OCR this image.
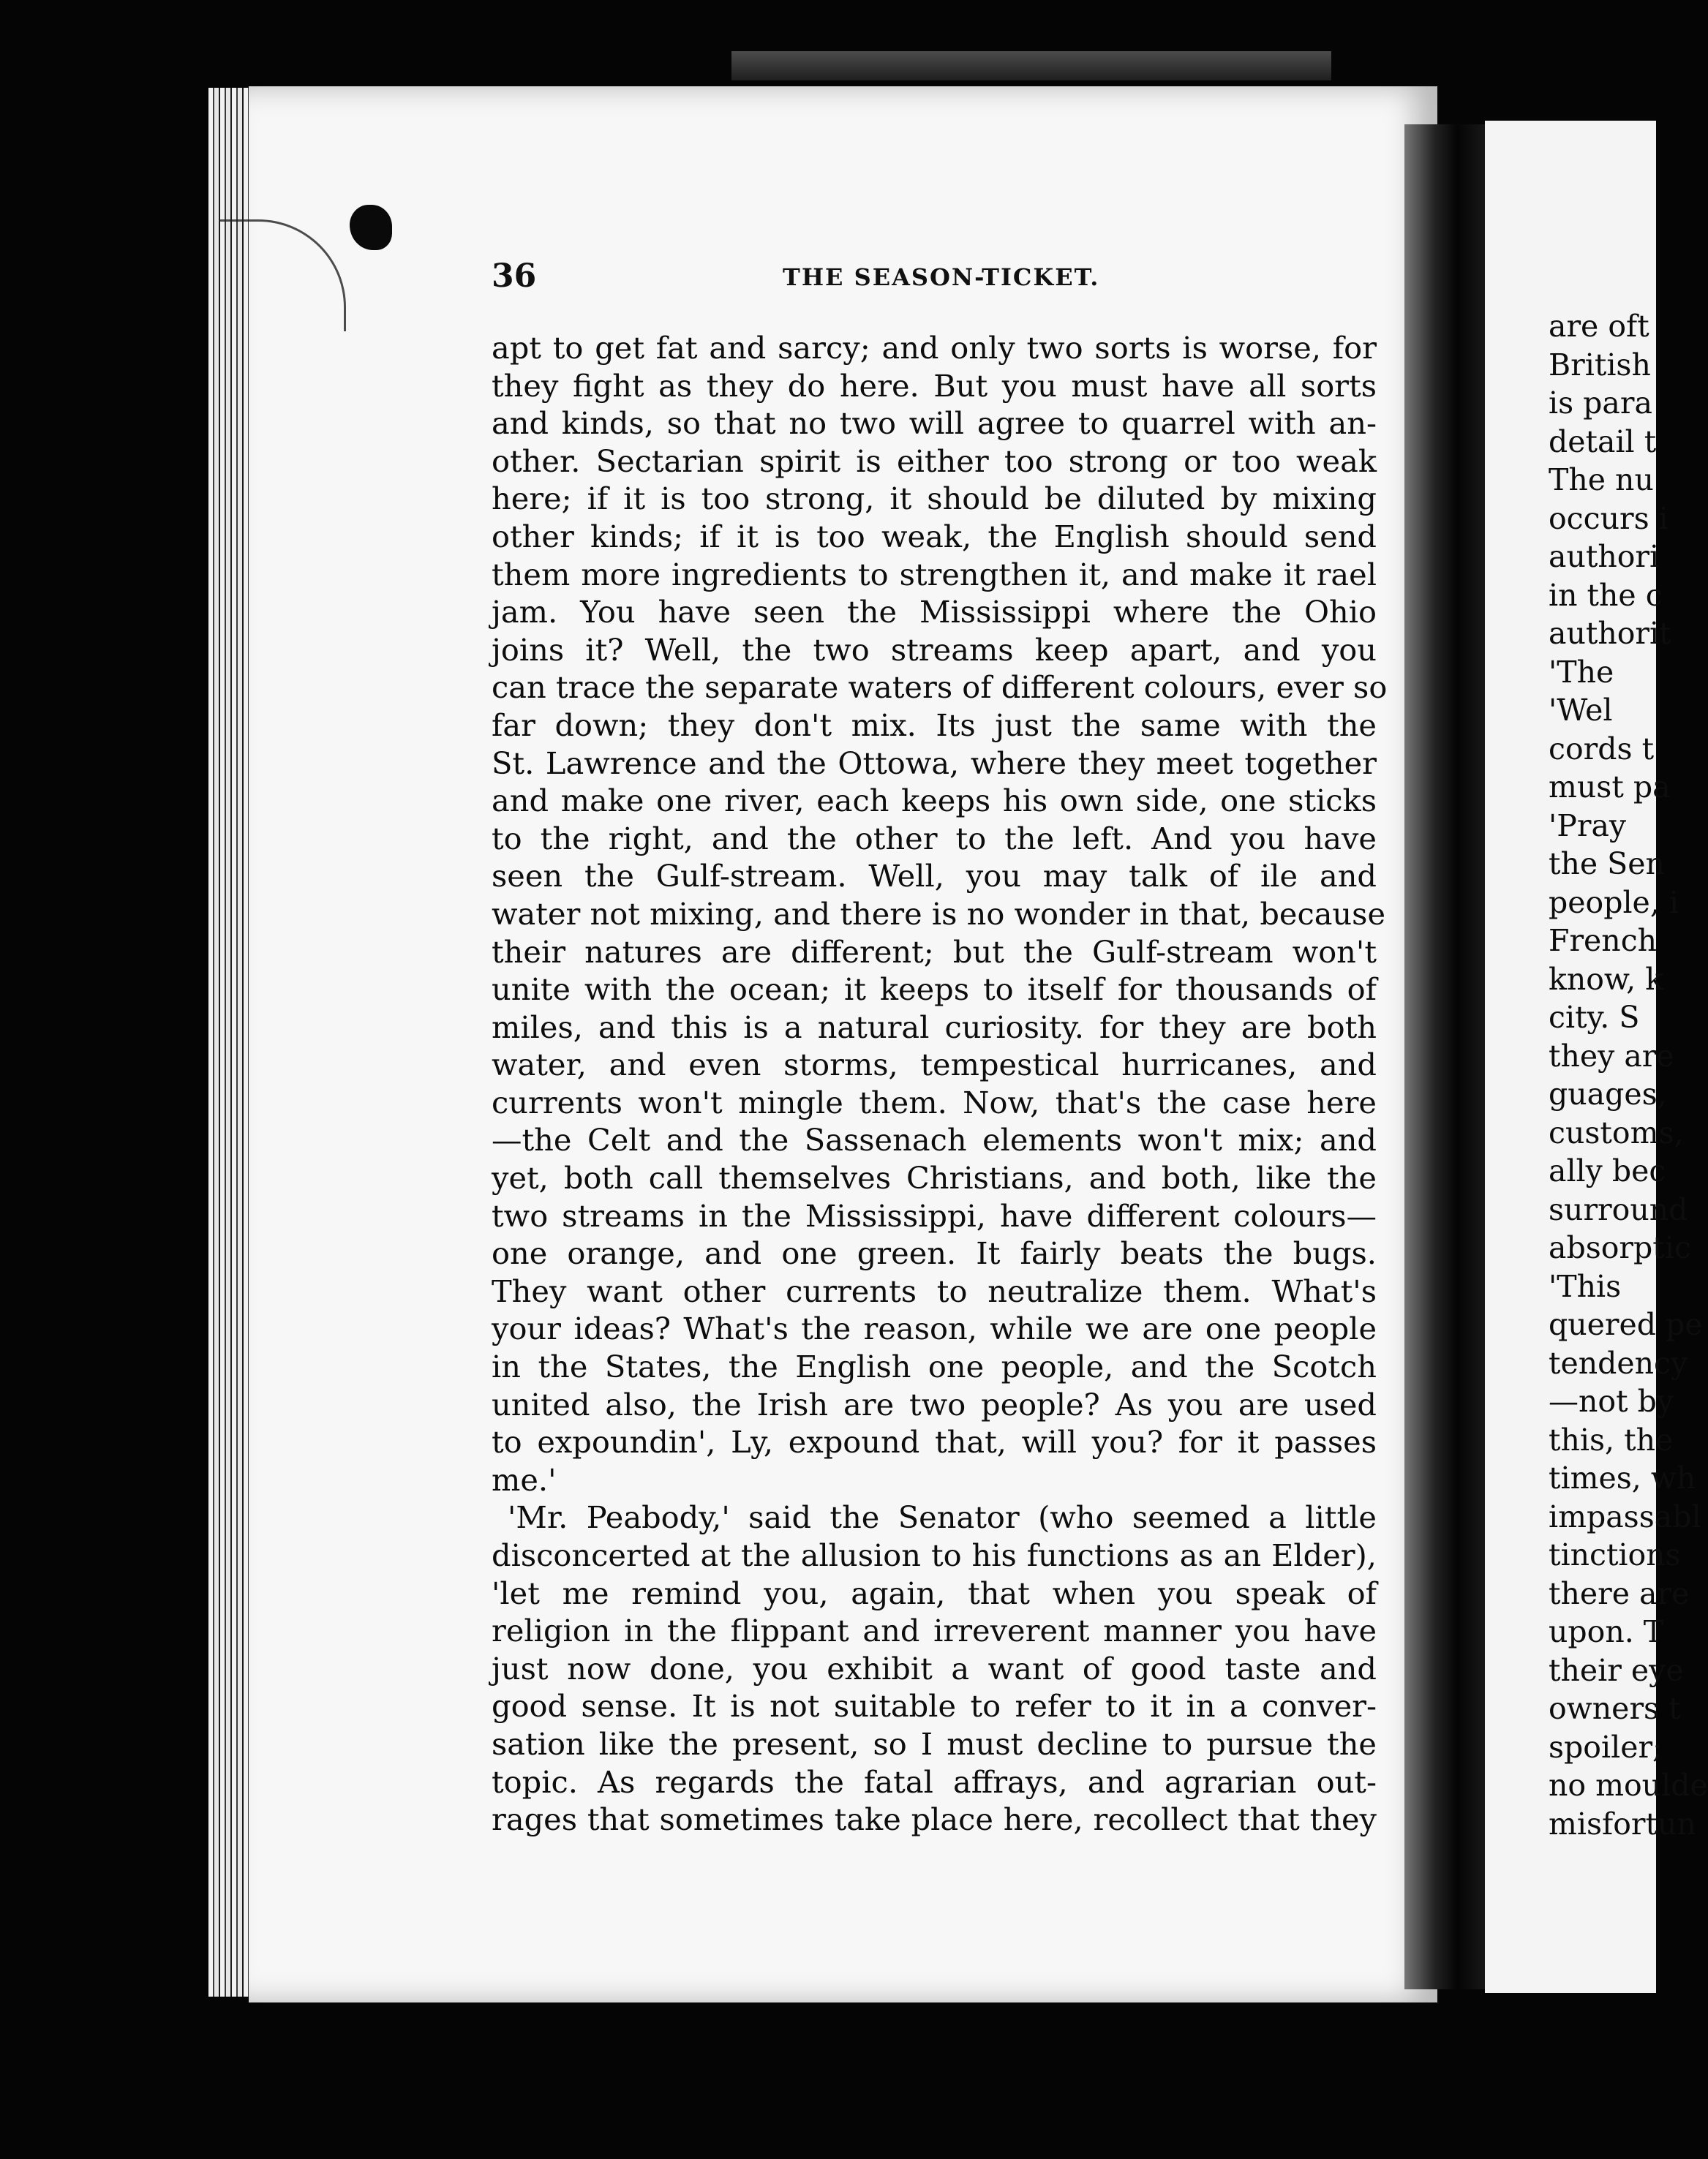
36	THE SEASON-TICKET.
apt to get fat and sarcy; and only two sorts is worse, for
they fight as they do here. But you must have all sorts
and kinds, so that no two will agree to quarrel with an-
other. Sectarian spirit is either too strong or too weak
here; if it is too strong, it should be diluted by mixing
other kinds; if it is too weak, the English should send
them more ingredients to strengthen it, and make it rael
jam. You have seen the Mississippi where the Ohio
joins it? Well, the two streams keep apart, and you
can trace the separate waters of different colours, ever so
far down; they don't mix. Its just the same with the
St. Lawrence and the Ottowa, where they meet together
and make one river, each keeps his own side, one sticks
to the right, and the other to the left. And you have
seen the Gulf-stream. Well, you may talk of ile and
water not mixing, and there is no wonder in that, because
their natures are different; but the Gulf-stream won't
unite with the ocean; it keeps to itself for thousands of
miles, and this is a natural curiosity. for they are both
water, and even storms, tempestical hurricanes, and
currents won't mingle them. Now, that's the case here
—the Celt and the Sassenach elements won't mix; and
yet, both call themselves Christians, and both, like the
two streams in the Mississippi, have different colours—
one orange, and one green. It fairly beats the bugs.
They want other currents to neutralize them. What's
your ideas? What's the reason, while we are one people
in the States, the English one people, and the Scotch
united also, the Irish are two people? As you are used
to expoundin', Ly, expound that, will you? for it passes
me.'
'Mr. Peabody,' said the Senator (who seemed a little
disconcerted at the allusion to his functions as an Elder),
'let me remind you, again, that when you speak of
religion in the flippant and irreverent manner you have
just now done, you exhibit a want of good taste and
good sense. It is not suitable to refer to it in a conver-
sation like the present, so I must decline to pursue the
topic. As regards the fatal affrays, and agrarian out-
rages that sometimes take place here, recollect that they
are oft
British
is para
detail t
The nu
occurs i
authori
in the c
authorit
'The
'Wel
cords t
must pa
'Pray
the Sen
people, i
French
know, k
city. S
they are
guages,
customs,
ally bec
surround
absorptic
'This
quered pe
tendency
—not by
this, the
times, wh
impassabl
tinctions
there are
upon. T
their eye
owners t
spoiler;
no moulde
misfortun
